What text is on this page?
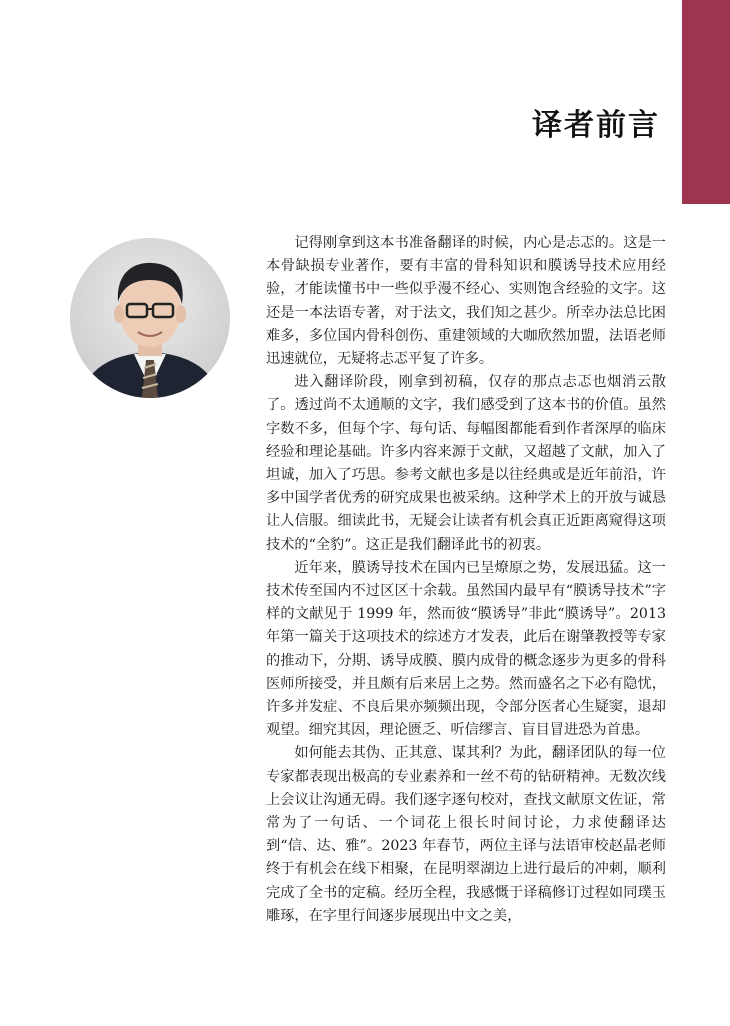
译者前言

记得刚拿到这本书准备翻译的时候，内心是忐忑的。这是一本骨缺损专业著作，要有丰富的骨科知识和膜诱导技术应用经验，才能读懂书中一些似乎漫不经心、实则饱含经验的文字。这还是一本法语专著，对于法文，我们知之甚少。所幸办法总比困难多，多位国内骨科创伤、重建领域的大咖欣然加盟，法语老师迅速就位，无疑将忐忑平复了许多。

进入翻译阶段，刚拿到初稿，仅存的那点忐忑也烟消云散了。透过尚不太通顺的文字，我们感受到了这本书的价值。虽然字数不多，但每个字、每句话、每幅图都能看到作者深厚的临床经验和理论基础。许多内容来源于文献，又超越了文献，加入了坦诚，加入了巧思。参考文献也多是以往经典或是近年前沿，许多中国学者优秀的研究成果也被采纳。这种学术上的开放与诚恳让人信服。细读此书，无疑会让读者有机会真正近距离窥得这项技术的“全豹”。这正是我们翻译此书的初衷。

近年来，膜诱导技术在国内已呈燎原之势，发展迅猛。这一技术传至国内不过区区十余载。虽然国内最早有“膜诱导技术”字样的文献见于 1999 年，然而彼“膜诱导”非此“膜诱导”。2013 年第一篇关于这项技术的综述方才发表，此后在谢肇教授等专家的推动下，分期、诱导成膜、膜内成骨的概念逐步为更多的骨科医师所接受，并且颇有后来居上之势。然而盛名之下必有隐忧，许多并发症、不良后果亦频频出现，令部分医者心生疑窦，退却观望。细究其因，理论匮乏、听信缪言、盲目冒进恐为首患。

如何能去其伪、正其意、谋其利？为此，翻译团队的每一位专家都表现出极高的专业素养和一丝不苟的钻研精神。无数次线上会议让沟通无碍。我们逐字逐句校对，查找文献原文佐证，常常为了一句话、一个词花上很长时间讨论，力求使翻译达到“信、达、雅”。2023 年春节，两位主译与法语审校赵晶老师终于有机会在线下相聚，在昆明翠湖边上进行最后的冲刺，顺利完成了全书的定稿。经历全程，我感慨于译稿修订过程如同璞玉雕琢，在字里行间逐步展现出中文之美，
